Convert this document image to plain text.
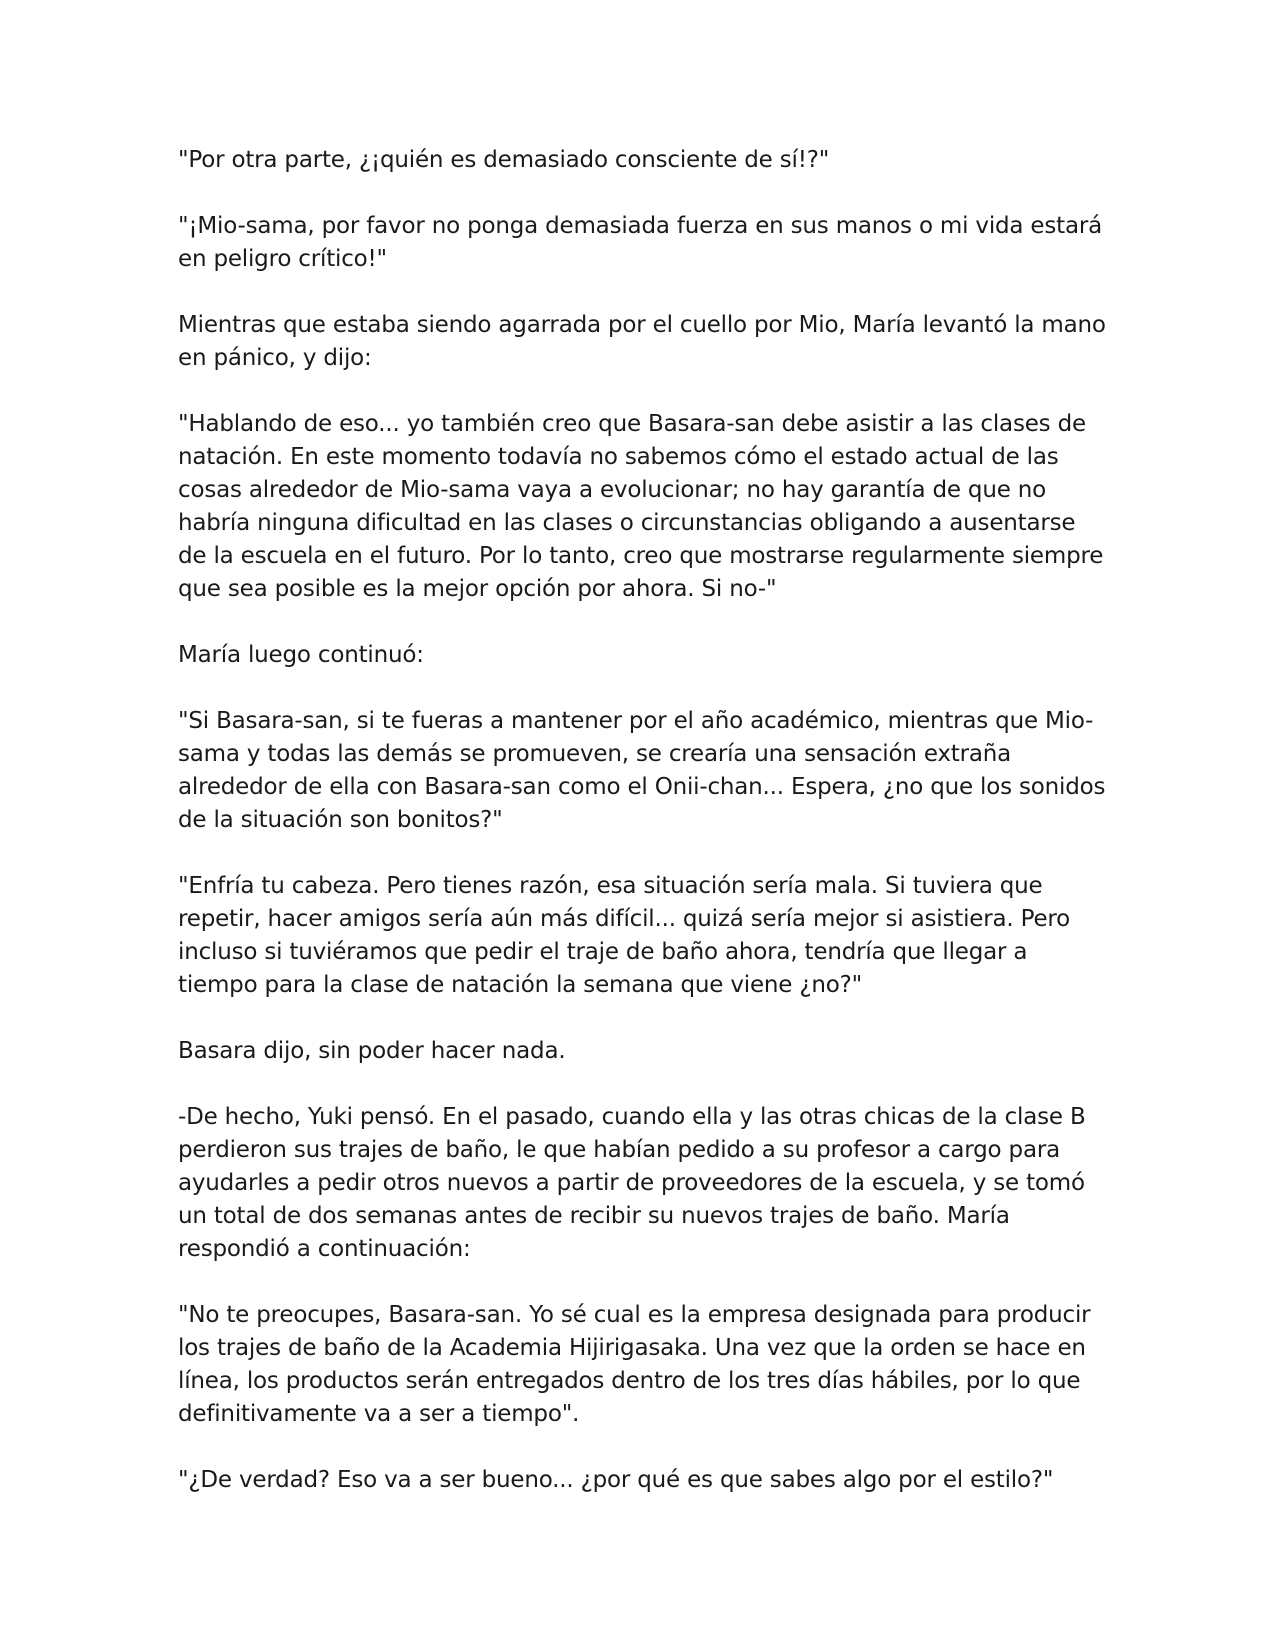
"Por otra parte, ¿¡quién es demasiado consciente de sí!?"

"¡Mio-sama, por favor no ponga demasiada fuerza en sus manos o mi vida estará en peligro crítico!"

Mientras que estaba siendo agarrada por el cuello por Mio, María levantó la mano en pánico, y dijo:

"Hablando de eso... yo también creo que Basara-san debe asistir a las clases de natación. En este momento todavía no sabemos cómo el estado actual de las cosas alrededor de Mio-sama vaya a evolucionar; no hay garantía de que no habría ninguna dificultad en las clases o circunstancias obligando a ausentarse de la escuela en el futuro. Por lo tanto, creo que mostrarse regularmente siempre que sea posible es la mejor opción por ahora. Si no-"

María luego continuó:

"Si Basara-san, si te fueras a mantener por el año académico, mientras que Mio-sama y todas las demás se promueven, se crearía una sensación extraña alrededor de ella con Basara-san como el Onii-chan... Espera, ¿no que los sonidos de la situación son bonitos?"

"Enfría tu cabeza. Pero tienes razón, esa situación sería mala. Si tuviera que repetir, hacer amigos sería aún más difícil... quizá sería mejor si asistiera. Pero incluso si tuviéramos que pedir el traje de baño ahora, tendría que llegar a tiempo para la clase de natación la semana que viene ¿no?"

Basara dijo, sin poder hacer nada.

-De hecho, Yuki pensó. En el pasado, cuando ella y las otras chicas de la clase B perdieron sus trajes de baño, le que habían pedido a su profesor a cargo para ayudarles a pedir otros nuevos a partir de proveedores de la escuela, y se tomó un total de dos semanas antes de recibir su nuevos trajes de baño. María respondió a continuación:

"No te preocupes, Basara-san. Yo sé cual es la empresa designada para producir los trajes de baño de la Academia Hijirigasaka. Una vez que la orden se hace en línea, los productos serán entregados dentro de los tres días hábiles, por lo que definitivamente va a ser a tiempo".

"¿De verdad? Eso va a ser bueno... ¿por qué es que sabes algo por el estilo?"
